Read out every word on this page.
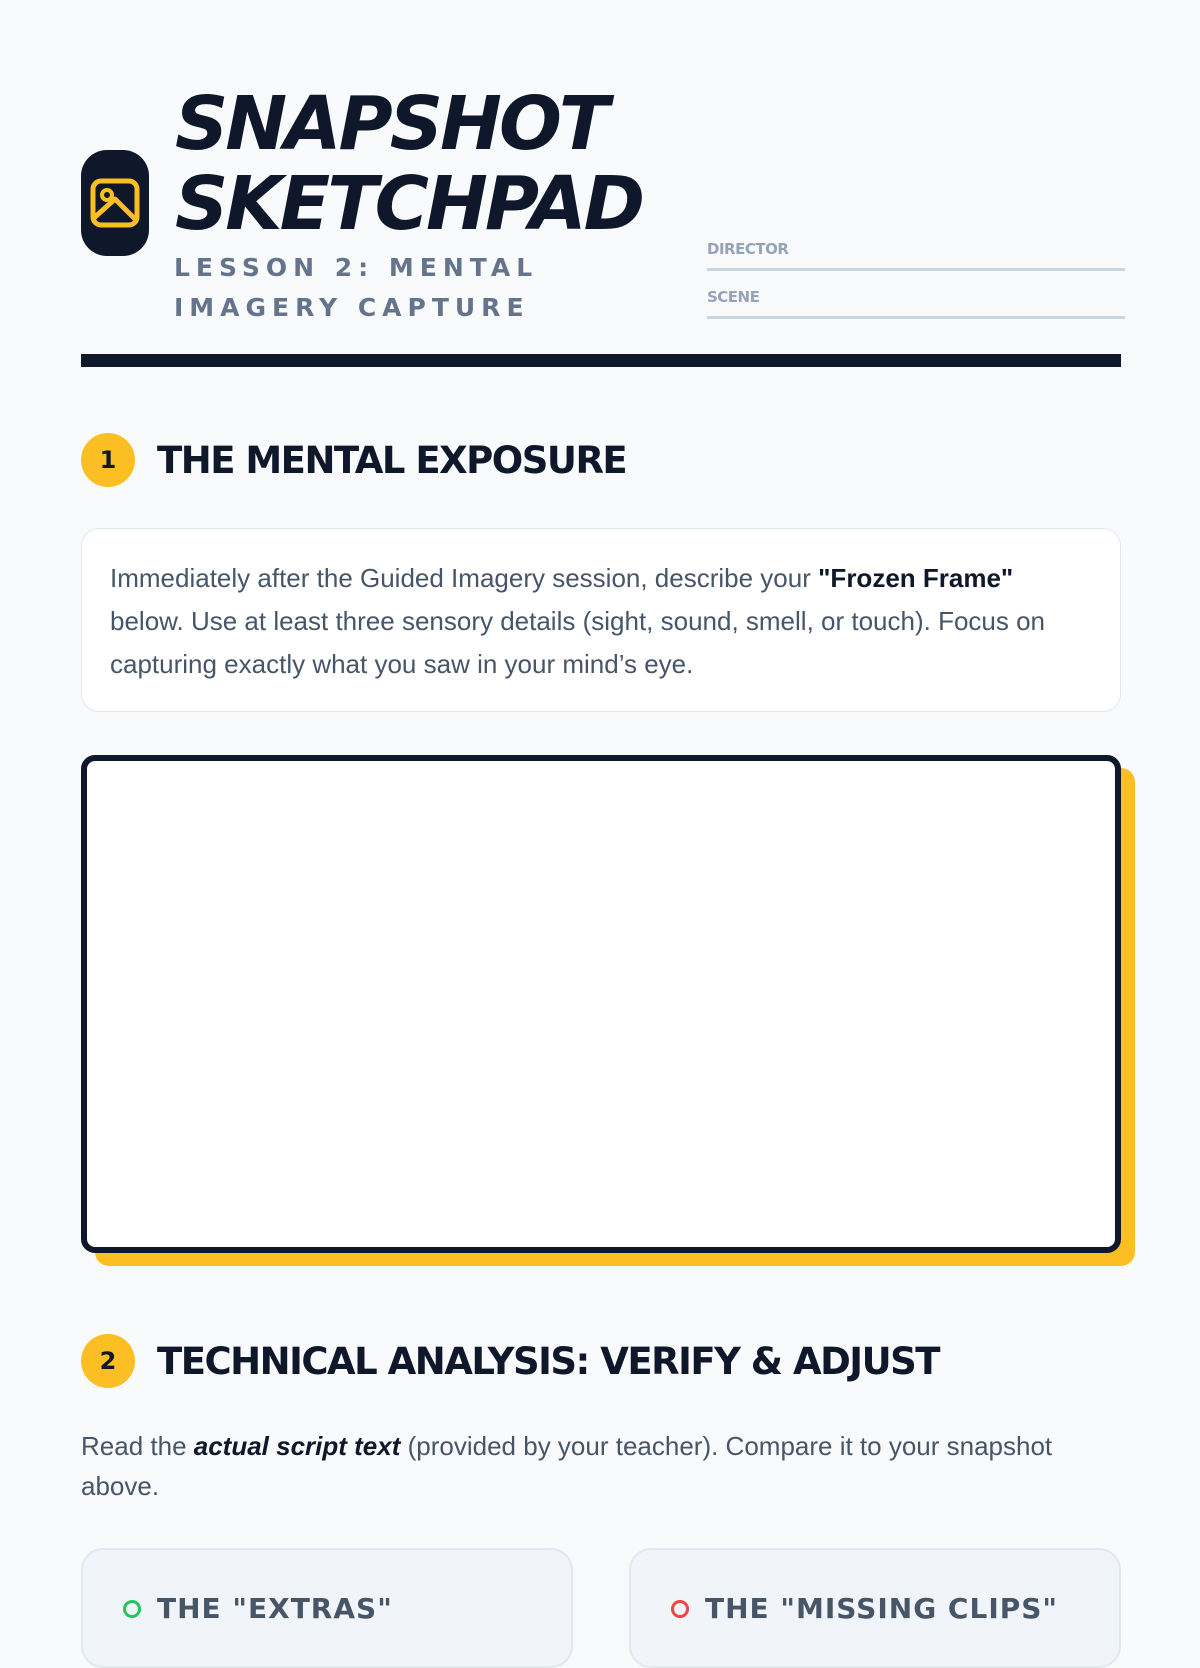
SNAPSHOT
SKETCHPAD

LESSON 2: MENTAL IMAGERY CAPTURE

DIRECTOR
SCENE
1	THE MENTAL EXPOSURE
Immediately after the Guided Imagery session, describe your "Frozen Frame" below. Use at least three sensory details (sight, sound, smell, or touch). Focus on capturing exactly what you saw in your mind’s eye.
2	TECHNICAL ANALYSIS: VERIFY & ADJUST

Read the actual script text (provided by your teacher). Compare it to your snapshot above.

THE "EXTRAS"	THE "MISSING CLIPS"
